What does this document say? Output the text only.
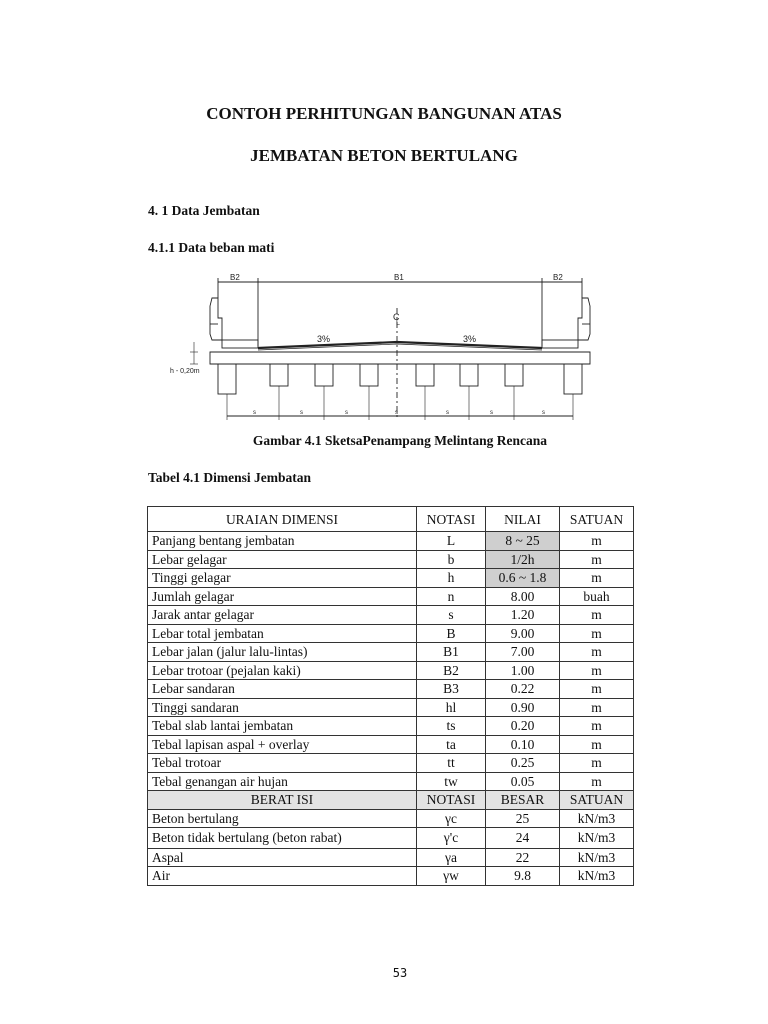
CONTOH PERHITUNGAN BANGUNAN ATAS
JEMBATAN BETON BERTULANG
4. 1 Data Jembatan
4.1.1 Data beban mati
B2	B1	B2
C
L
3%	3%
h - 0,20m
s	s	s	s	s	s	s
Gambar 4.1 SketsaPenampang Melintang Rencana
Tabel 4.1 Dimensi Jembatan
URAIAN DIMENSI	NOTASI	NILAI	SATUAN
Panjang bentang jembatan	L	8 ~ 25	m
Lebar gelagar	b	1/2h	m
Tinggi gelagar	h	0.6 ~ 1.8	m
Jumlah gelagar	n	8.00	buah
Jarak antar gelagar	s	1.20	m
Lebar total jembatan	B	9.00	m
Lebar jalan (jalur lalu-lintas)	B1	7.00	m
Lebar trotoar (pejalan kaki)	B2	1.00	m
Lebar sandaran	B3	0.22	m
Tinggi sandaran	hl	0.90	m
Tebal slab lantai jembatan	ts	0.20	m
Tebal lapisan aspal + overlay	ta	0.10	m
Tebal trotoar	tt	0.25	m
Tebal genangan air hujan	tw	0.05	m
BERAT ISI	NOTASI	BESAR	SATUAN
Beton bertulang	γc	25	kN/m3
Beton tidak bertulang (beton rabat)	γ'c	24	kN/m3
Aspal	γa	22	kN/m3
Air	γw	9.8	kN/m3
53
